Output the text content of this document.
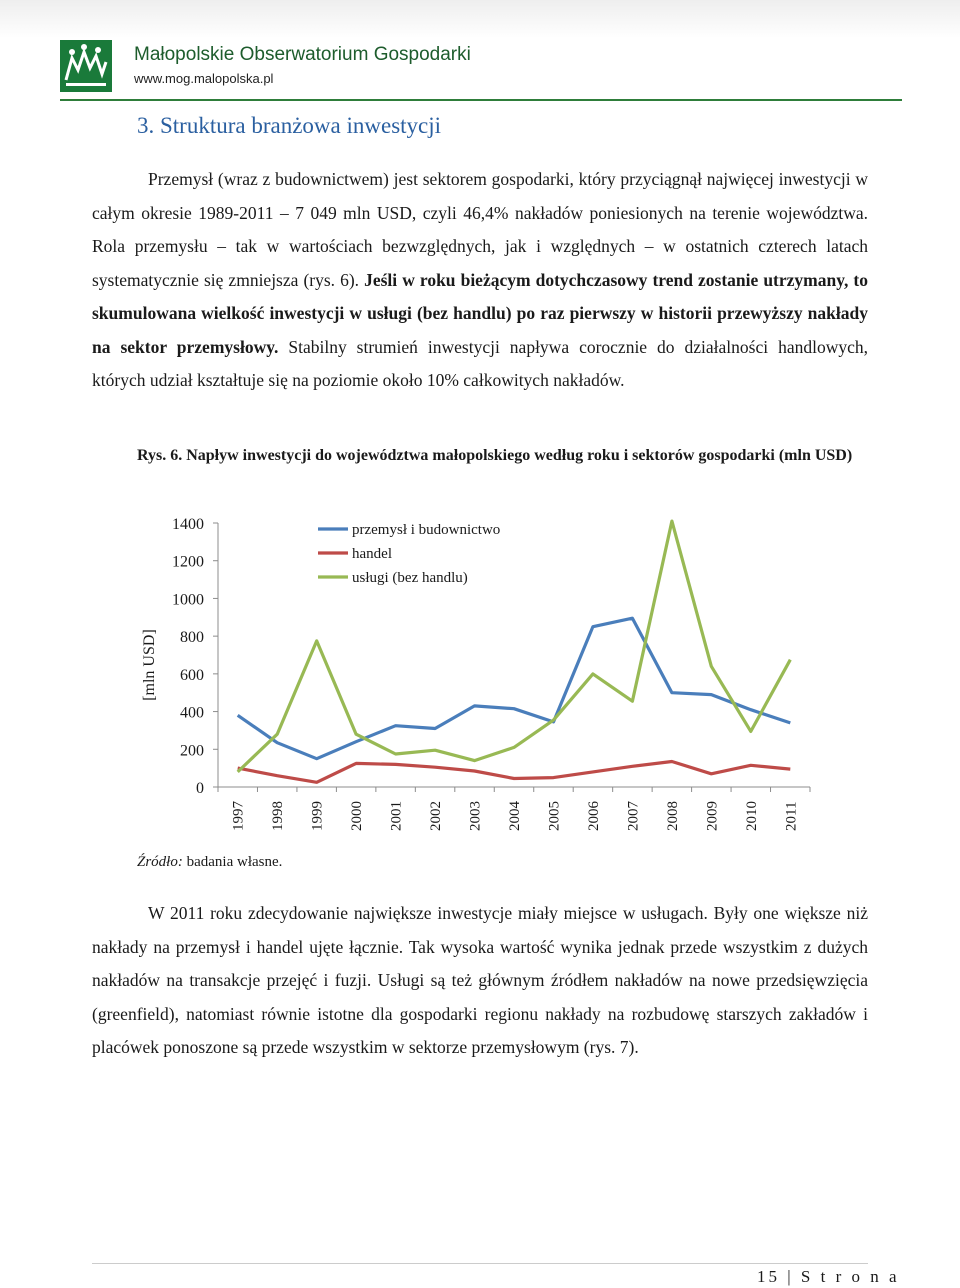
Małopolskie Obserwatorium Gospodarki
www.mog.malopolska.pl
3. Struktura branżowa inwestycji

Przemysł (wraz z budownictwem) jest sektorem gospodarki, który przyciągnął najwięcej inwestycji w całym okresie 1989-2011 – 7 049 mln USD, czyli 46,4% nakładów poniesionych na terenie województwa. Rola przemysłu – tak w wartościach bezwzględnych, jak i względnych – w ostatnich czterech latach systematycznie się zmniejsza (rys. 6). Jeśli w roku bieżącym dotychczasowy trend zostanie utrzymany, to skumulowana wielkość inwestycji w usługi (bez handlu) po raz pierwszy w historii przewyższy nakłady na sektor przemysłowy. Stabilny strumień inwestycji napływa corocznie do działalności handlowych, których udział kształtuje się na poziomie około 10% całkowitych nakładów.

Rys. 6. Napływ inwestycji do województwa małopolskiego według roku i sektorów gospodarki (mln USD)

0
200
400
600
800
1000
1200
1400
1997 1998 1999 2000 2001 2002 2003 2004 2005 2006 2007 2008 2009 2010 2011
[mln USD]
przemysł i budownictwo
handel
usługi (bez handlu)
Źródło: badania własne.

W 2011 roku zdecydowanie największe inwestycje miały miejsce w usługach. Były one większe niż nakłady na przemysł i handel ujęte łącznie. Tak wysoka wartość wynika jednak przede wszystkim z dużych nakładów na transakcje przejęć i fuzji. Usługi są też głównym źródłem nakładów na nowe przedsięwzięcia (greenfield), natomiast równie istotne dla gospodarki regionu nakłady na rozbudowę starszych zakładów i placówek ponoszone są przede wszystkim w sektorze przemysłowym (rys. 7).

15 | S t r o n a
